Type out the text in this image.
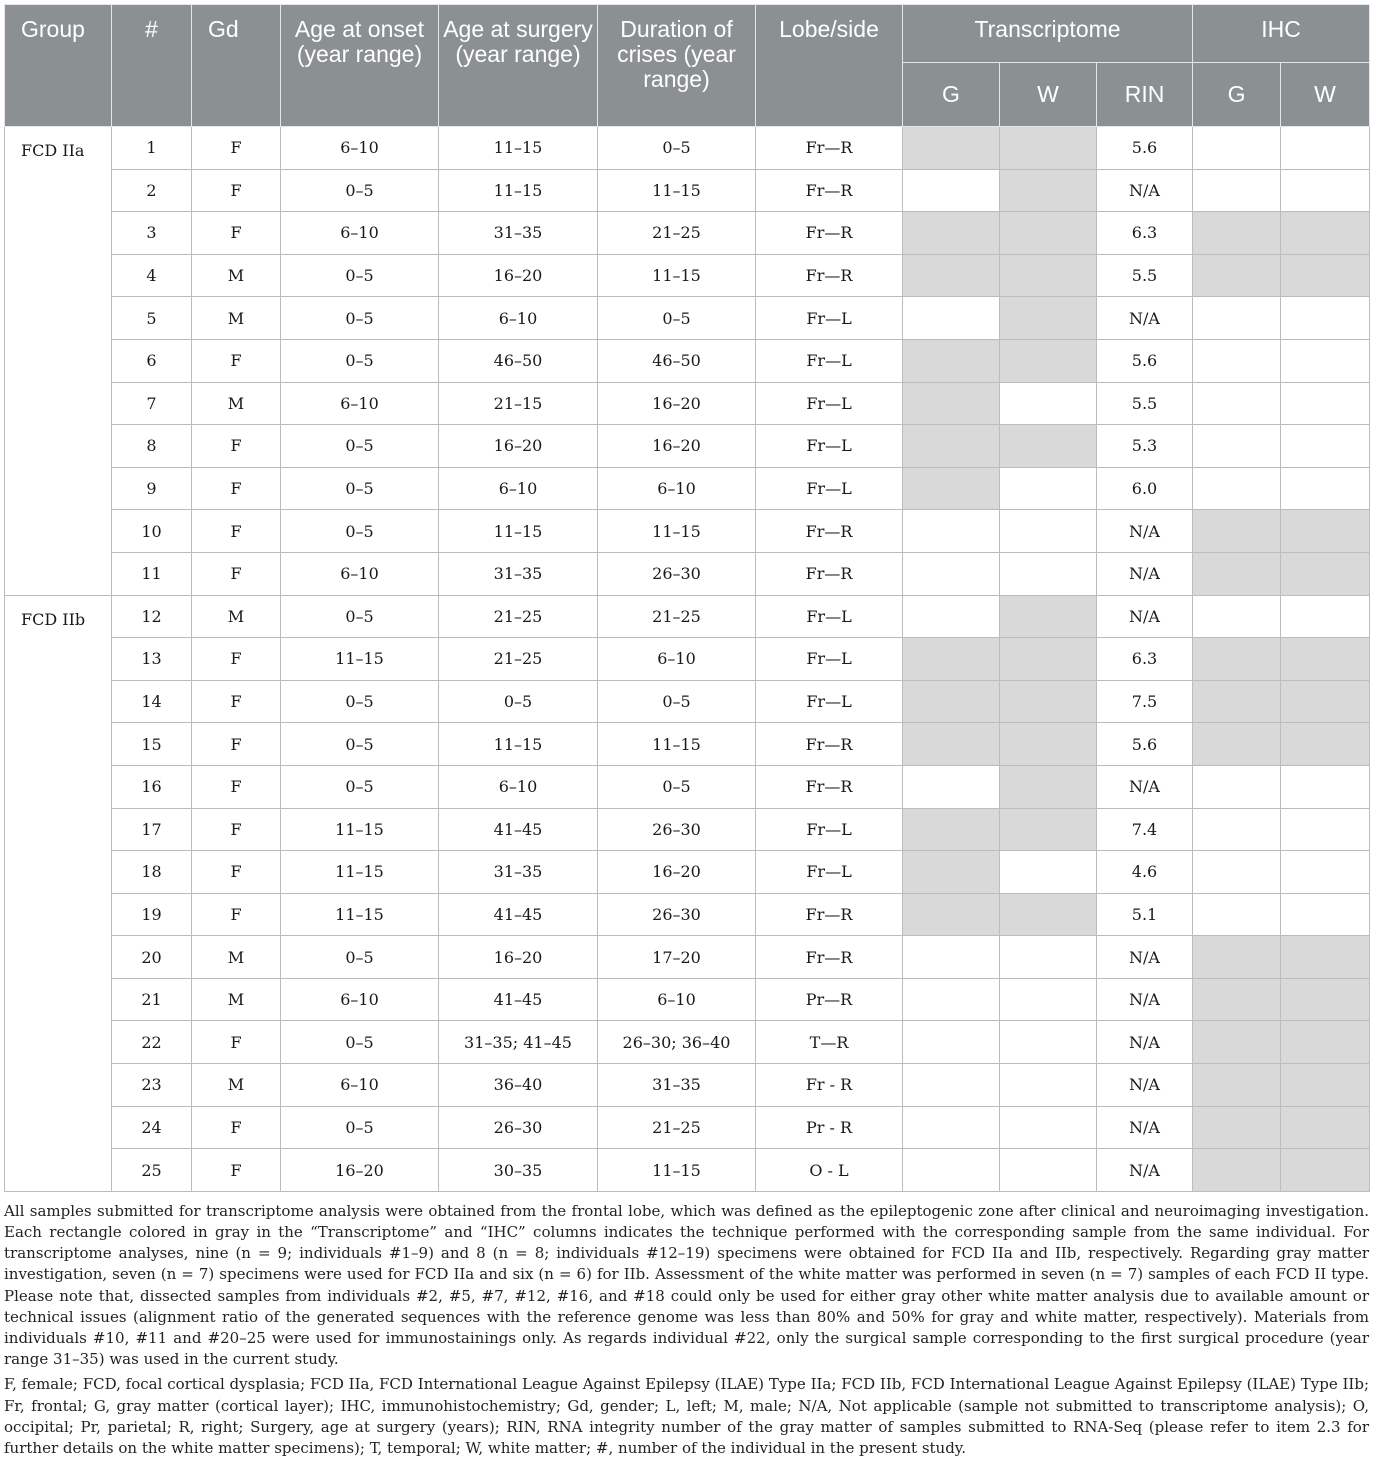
Group	#	Gd	Age at onset (year range)	Age at surgery (year range)	Duration of crises (year range)	Lobe/side	Transcriptome			IHC	
							G	W	RIN	G	W
FCD IIa	1	F	6–10	11–15	0–5	Fr—R			5.6		
	2	F	0–5	11–15	11–15	Fr—R			N/A		
	3	F	6–10	31–35	21–25	Fr—R			6.3		
	4	M	0–5	16–20	11–15	Fr—R			5.5		
	5	M	0–5	6–10	0–5	Fr—L			N/A		
	6	F	0–5	46–50	46–50	Fr—L			5.6		
	7	M	6–10	21–15	16–20	Fr—L			5.5		
	8	F	0–5	16–20	16–20	Fr—L			5.3		
	9	F	0–5	6–10	6–10	Fr—L			6.0		
	10	F	0–5	11–15	11–15	Fr—R			N/A		
	11	F	6–10	31–35	26–30	Fr—R			N/A		
FCD IIb	12	M	0–5	21–25	21–25	Fr—L			N/A		
	13	F	11–15	21–25	6–10	Fr—L			6.3		
	14	F	0–5	0–5	0–5	Fr—L			7.5		
	15	F	0–5	11–15	11–15	Fr—R			5.6		
	16	F	0–5	6–10	0–5	Fr—R			N/A		
	17	F	11–15	41–45	26–30	Fr—L			7.4		
	18	F	11–15	31–35	16–20	Fr—L			4.6		
	19	F	11–15	41–45	26–30	Fr—R			5.1		
	20	M	0–5	16–20	17–20	Fr—R			N/A		
	21	M	6–10	41–45	6–10	Pr—R			N/A		
	22	F	0–5	31–35; 41–45	26–30; 36–40	T—R			N/A		
	23	M	6–10	36–40	31–35	Fr - R			N/A		
	24	F	0–5	26–30	21–25	Pr - R			N/A		
	25	F	16–20	30–35	11–15	O - L			N/A		

All samples submitted for transcriptome analysis were obtained from the frontal lobe, which was defined as the epileptogenic zone after clinical and neuroimaging investigation. Each rectangle colored in gray in the “Transcriptome” and “IHC” columns indicates the technique performed with the corresponding sample from the same individual. For transcriptome analyses, nine (n = 9; individuals #1–9) and 8 (n = 8; individuals #12–19) specimens were obtained for FCD IIa and IIb, respectively. Regarding gray matter investigation, seven (n = 7) specimens were used for FCD IIa and six (n = 6) for IIb. Assessment of the white matter was performed in seven (n = 7) samples of each FCD II type. Please note that, dissected samples from individuals #2, #5, #7, #12, #16, and #18 could only be used for either gray other white matter analysis due to available amount or technical issues (alignment ratio of the generated sequences with the reference genome was less than 80% and 50% for gray and white matter, respectively). Materials from individuals #10, #11 and #20–25 were used for immunostainings only. As regards individual #22, only the surgical sample corresponding to the first surgical procedure (year range 31–35) was used in the current study.

F, female; FCD, focal cortical dysplasia; FCD IIa, FCD International League Against Epilepsy (ILAE) Type IIa; FCD IIb, FCD International League Against Epilepsy (ILAE) Type IIb; Fr, frontal; G, gray matter (cortical layer); IHC, immunohistochemistry; Gd, gender; L, left; M, male; N/A, Not applicable (sample not submitted to transcriptome analysis); O, occipital; Pr, parietal; R, right; Surgery, age at surgery (years); RIN, RNA integrity number of the gray matter of samples submitted to RNA-Seq (please refer to item 2.3 for further details on the white matter specimens); T, temporal; W, white matter; #, number of the individual in the present study.
